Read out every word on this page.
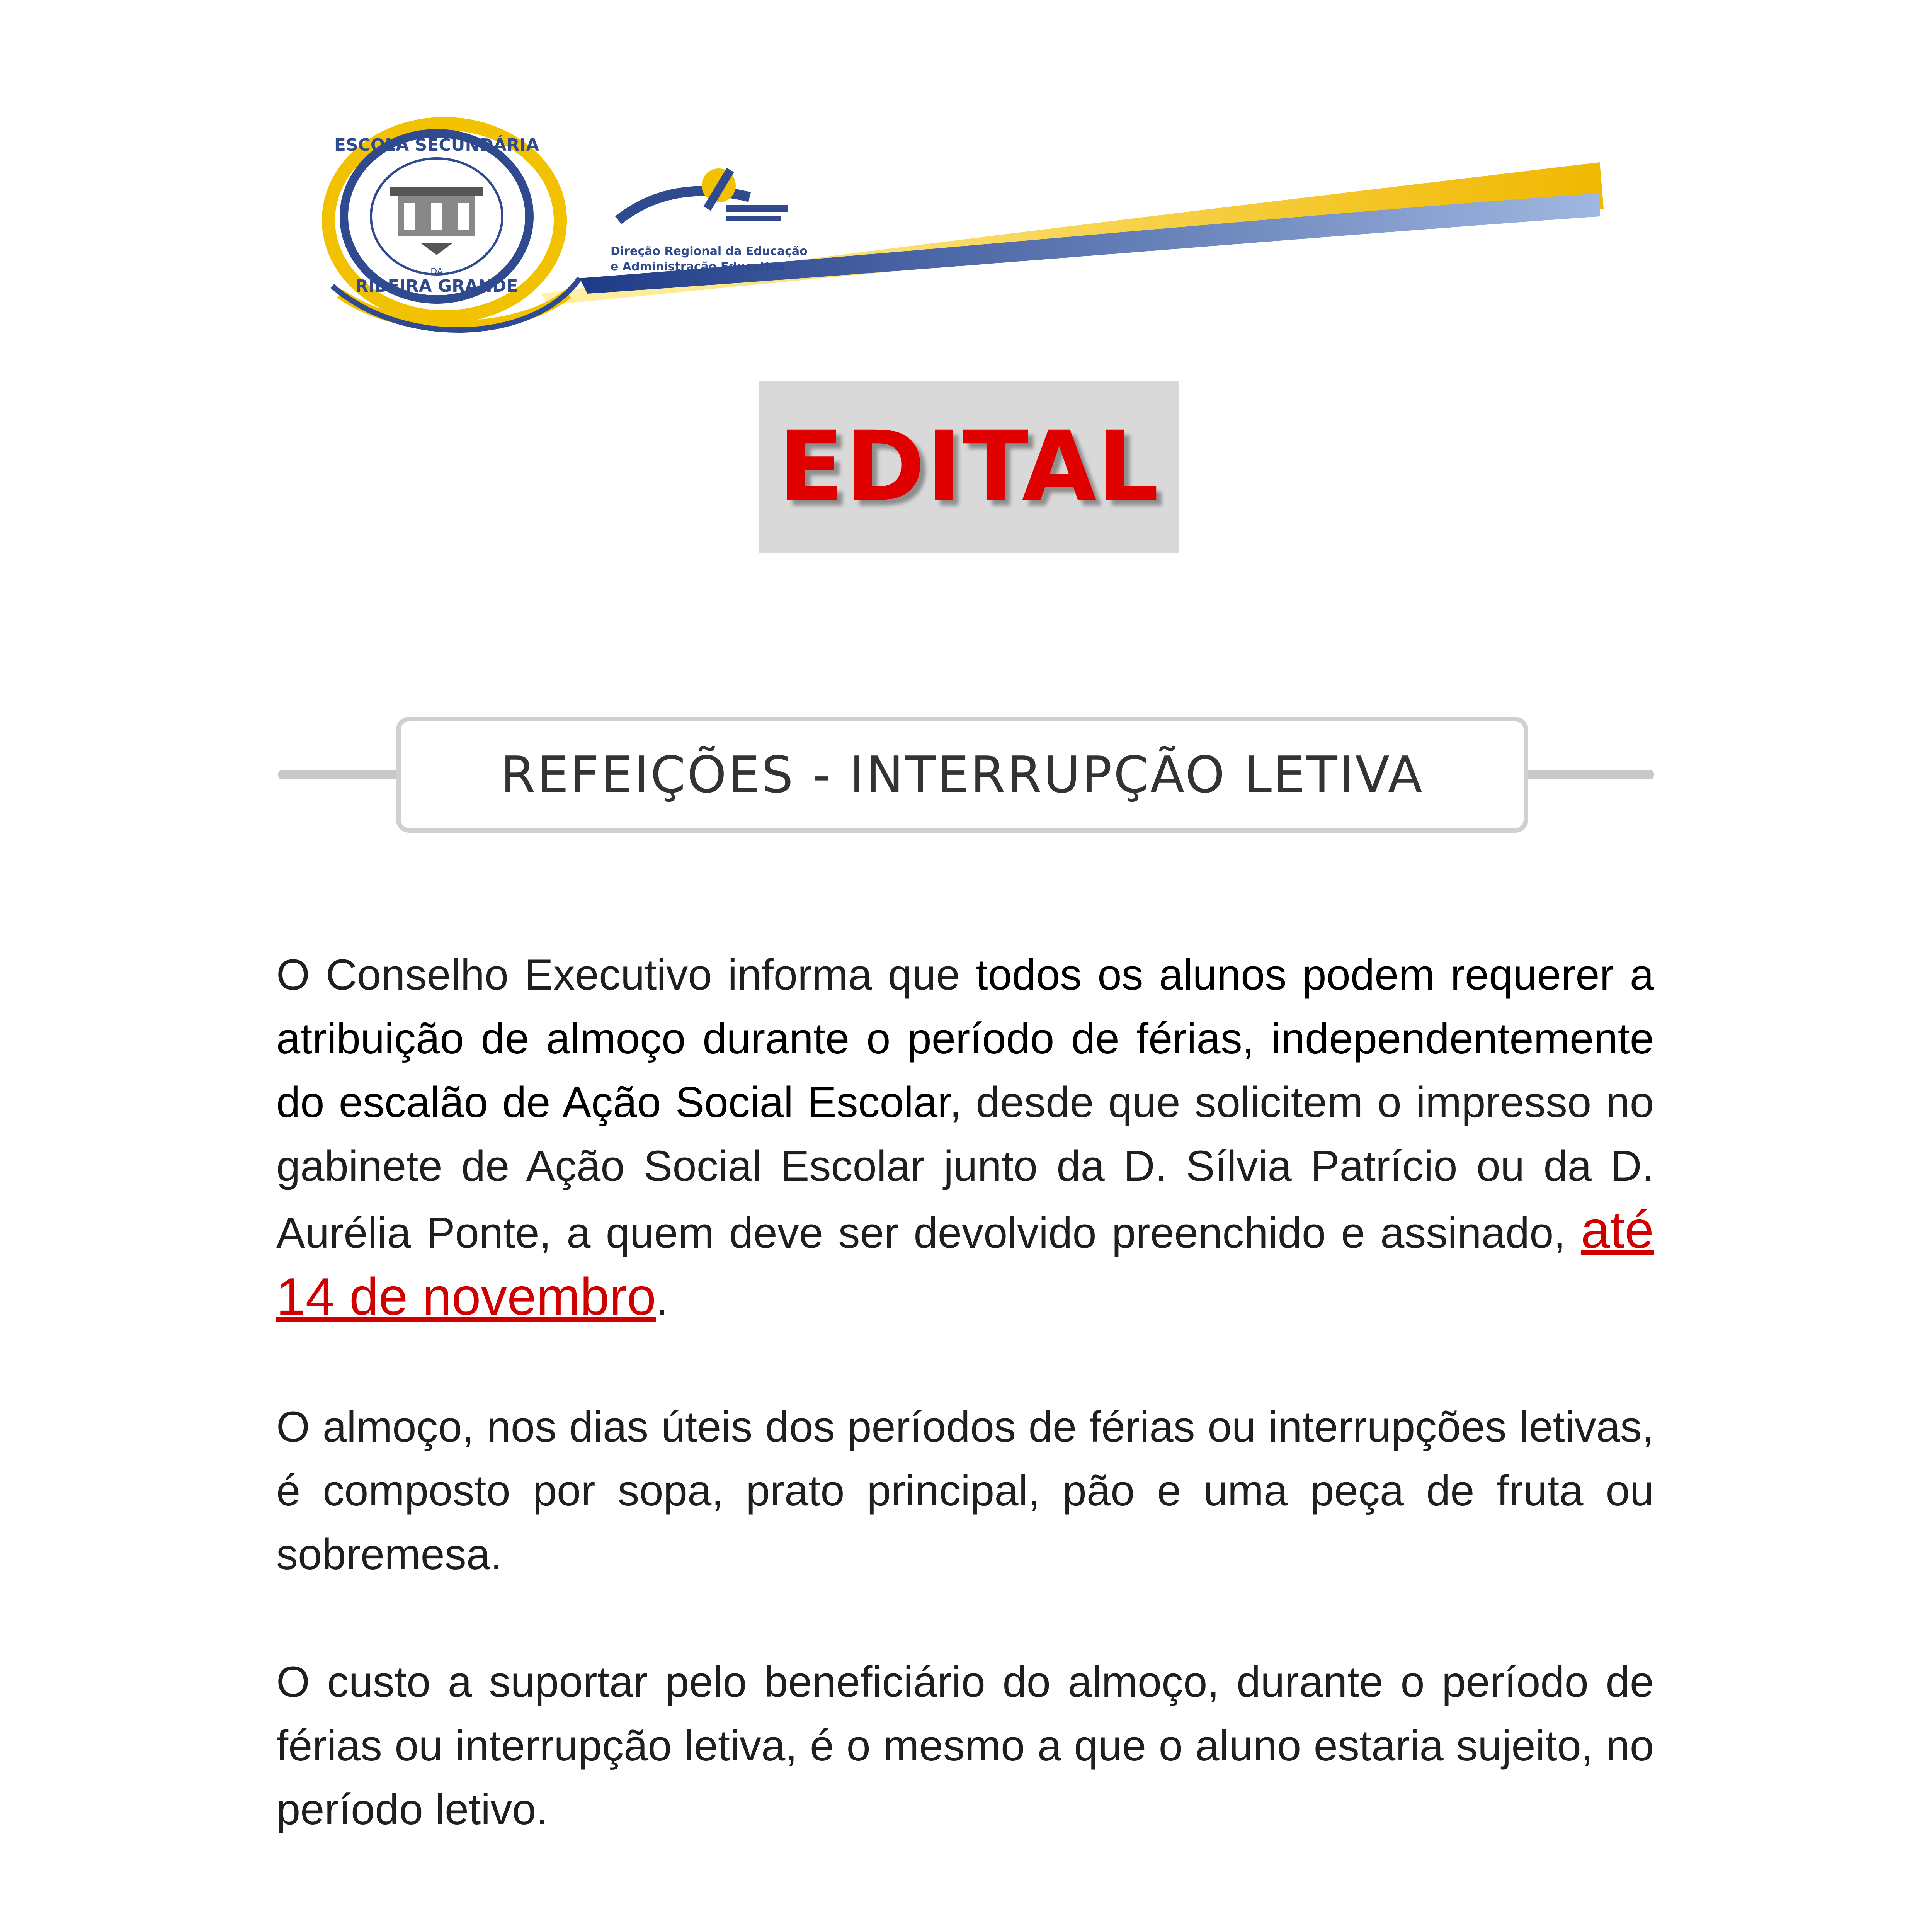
ESCOLA SECUNDÁRIA
RIBEIRA GRANDE
DA
Direção Regional da Educação
e Administração Educativa
EDITAL
REFEIÇÕES - INTERRUPÇÃO LETIVA
O Conselho Executivo informa que todos os alunos podem requerer a atribuição de almoço durante o período de férias, independentemente do escalão de Ação Social Escolar, desde que solicitem o impresso no gabinete de Ação Social Escolar junto da D. Sílvia Patrício ou da D. Aurélia Ponte, a quem deve ser devolvido preenchido e assinado, até 14 de novembro.
O almoço, nos dias úteis dos períodos de férias ou interrupções letivas, é composto por sopa, prato principal, pão e uma peça de fruta ou sobremesa.
O custo a suportar pelo beneficiário do almoço, durante o período de férias ou interrupção letiva, é o mesmo a que o aluno estaria sujeito, no período letivo.
